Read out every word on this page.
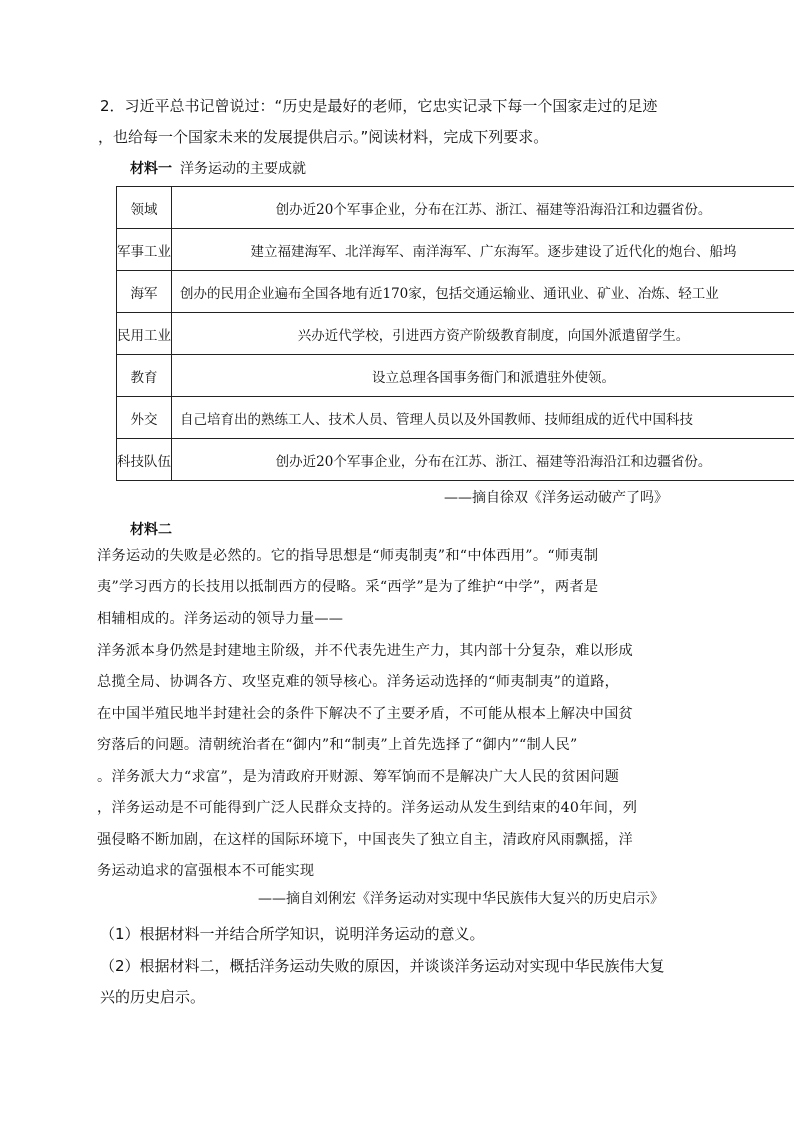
2．习近平总书记曾说过：“历史是最好的老师，它忠实记录下每一个国家走过的足迹
，也给每一个国家未来的发展提供启示。”阅读材料，完成下列要求。
材料一 洋务运动的主要成就
领域	创办近20个军事企业，分布在江苏、浙江、福建等沿海沿江和边疆省份。
军事工业	建立福建海军、北洋海军、南洋海军、广东海军。逐步建设了近代化的炮台、船坞
海军	创办的民用企业遍布全国各地有近170家，包括交通运输业、通讯业、矿业、冶炼、轻工业
民用工业	兴办近代学校，引进西方资产阶级教育制度，向国外派遣留学生。
教育	设立总理各国事务衙门和派遣驻外使领。
外交	自己培育出的熟练工人、技术人员、管理人员以及外国教师、技师组成的近代中国科技
科技队伍	创办近20个军事企业，分布在江苏、浙江、福建等沿海沿江和边疆省份。
——摘自徐双《洋务运动破产了吗》
材料二
洋务运动的失败是必然的。它的指导思想是“师夷制夷”和“中体西用”。“师夷制
夷”学习西方的长技用以抵制西方的侵略。采“西学”是为了维护“中学”，两者是
相辅相成的。洋务运动的领导力量——
洋务派本身仍然是封建地主阶级，并不代表先进生产力，其内部十分复杂，难以形成
总揽全局、协调各方、攻坚克难的领导核心。洋务运动选择的“师夷制夷”的道路，
在中国半殖民地半封建社会的条件下解决不了主要矛盾，不可能从根本上解决中国贫
穷落后的问题。清朝统治者在“御内”和“制夷”上首先选择了“御内”“制人民”
。洋务派大力“求富”，是为清政府开财源、筹军饷而不是解决广大人民的贫困问题
，洋务运动是不可能得到广泛人民群众支持的。洋务运动从发生到结束的40年间，列
强侵略不断加剧，在这样的国际环境下，中国丧失了独立自主，清政府风雨飘摇，洋
务运动追求的富强根本不可能实现
——摘自刘俐宏《洋务运动对实现中华民族伟大复兴的历史启示》
（1）根据材料一并结合所学知识，说明洋务运动的意义。
（2）根据材料二，概括洋务运动失败的原因，并谈谈洋务运动对实现中华民族伟大复
兴的历史启示。
